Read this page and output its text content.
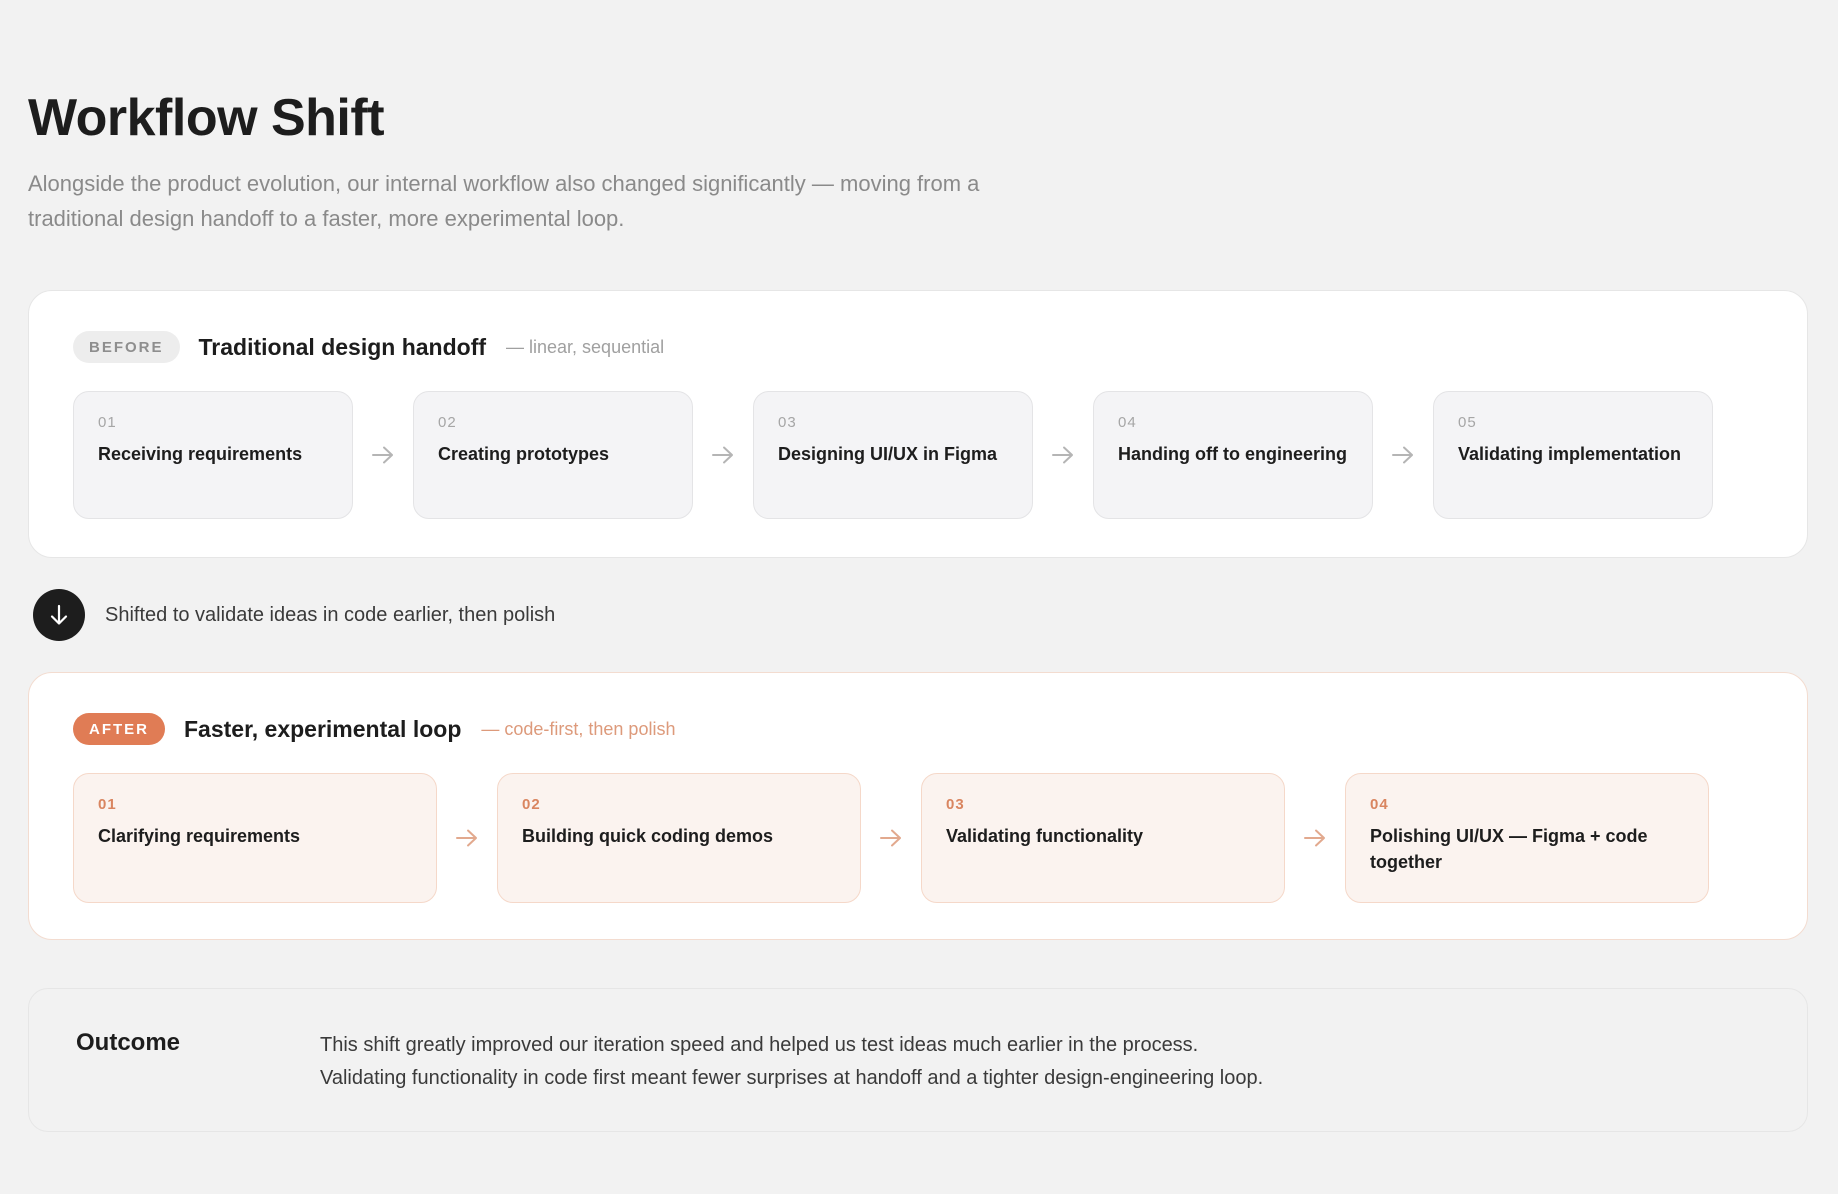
Workflow Shift

Alongside the product evolution, our internal workflow also changed significantly — moving from a traditional design handoff to a faster, more experimental loop.

BEFORE	Traditional design handoff — linear, sequential
01
Receiving requirements
02
Creating prototypes
03
Designing UI/UX in Figma
04
Handing off to engineering
05
Validating implementation
Shifted to validate ideas in code earlier, then polish
AFTER	Faster, experimental loop — code-first, then polish
01
Clarifying requirements
02
Building quick coding demos
03
Validating functionality
04
Polishing UI/UX — Figma + code together
Outcome	This shift greatly improved our iteration speed and helped us test ideas much earlier in the process.
Validating functionality in code first meant fewer surprises at handoff and a tighter design-engineering loop.
